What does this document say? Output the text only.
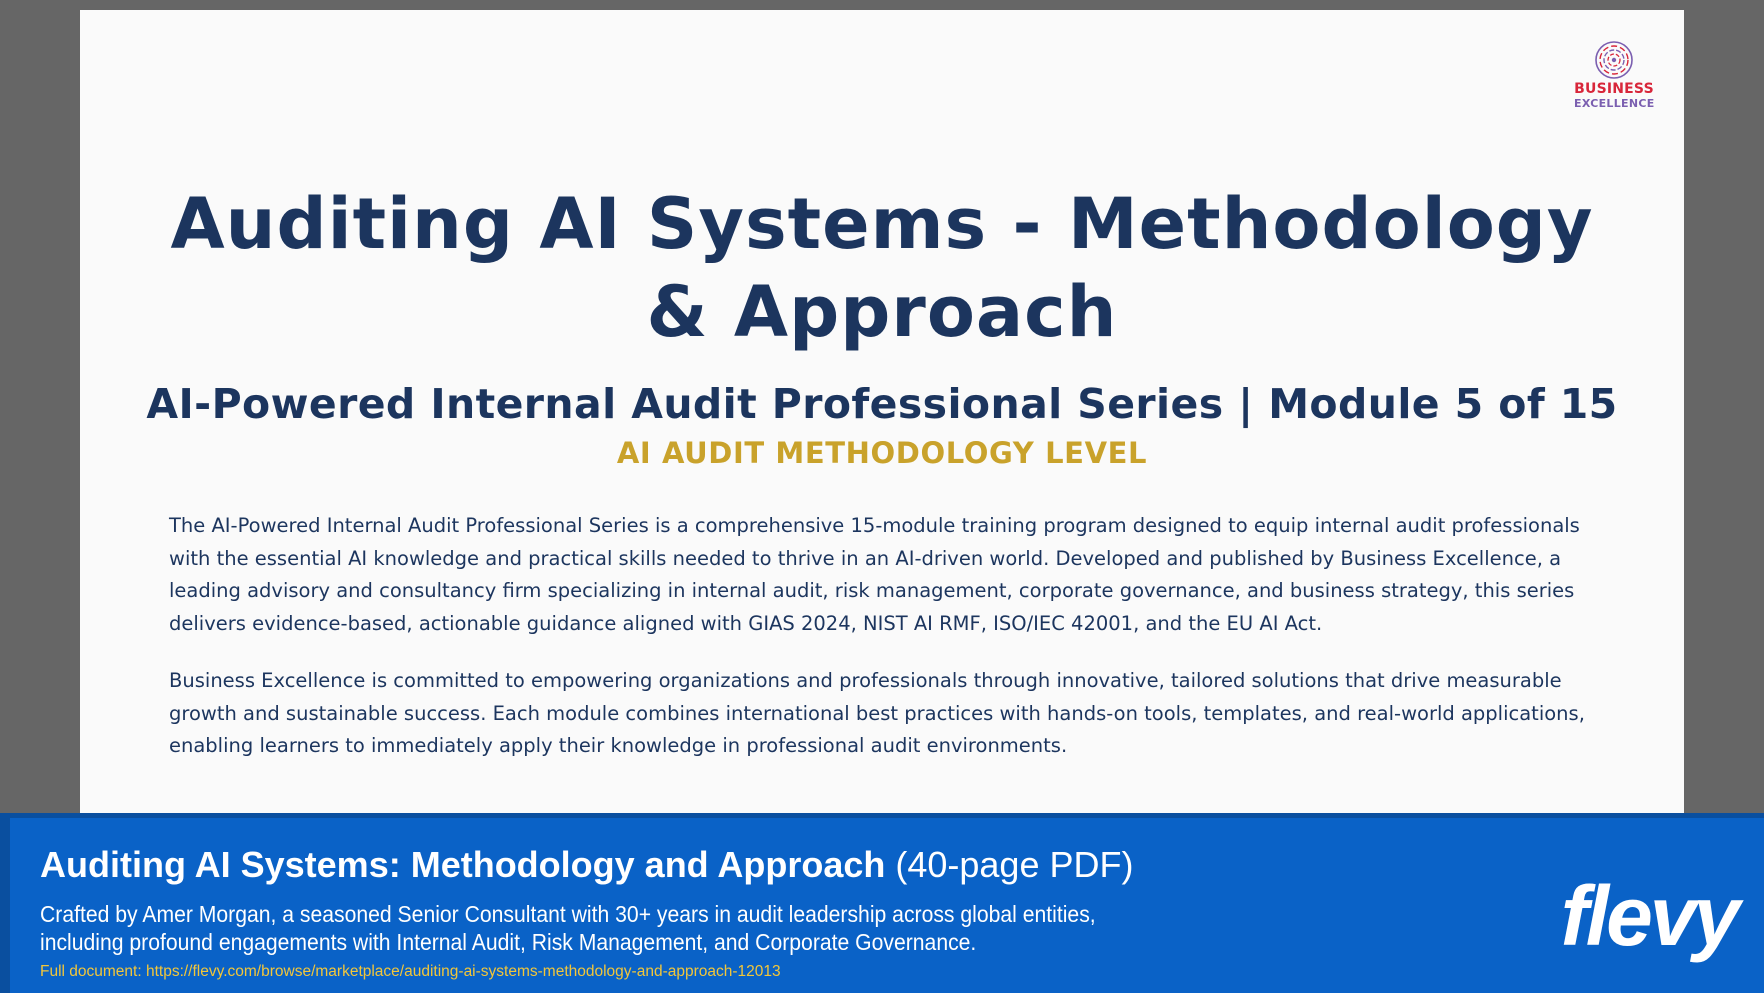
BUSINESS
EXCELLENCE
Auditing AI Systems - Methodology
& Approach
AI-Powered Internal Audit Professional Series | Module 5 of 15
AI AUDIT METHODOLOGY LEVEL

The AI-Powered Internal Audit Professional Series is a comprehensive 15-module training program designed to equip internal audit professionals with the essential AI knowledge and practical skills needed to thrive in an AI-driven world. Developed and published by Business Excellence, a leading advisory and consultancy firm specializing in internal audit, risk management, corporate governance, and business strategy, this series delivers evidence-based, actionable guidance aligned with GIAS 2024, NIST AI RMF, ISO/IEC 42001, and the EU AI Act.

Business Excellence is committed to empowering organizations and professionals through innovative, tailored solutions that drive measurable growth and sustainable success. Each module combines international best practices with hands-on tools, templates, and real-world applications, enabling learners to immediately apply their knowledge in professional audit environments.

Auditing AI Systems: Methodology and Approach (40-page PDF)
Crafted by Amer Morgan, a seasoned Senior Consultant with 30+ years in audit leadership across global entities, including profound engagements with Internal Audit, Risk Management, and Corporate Governance.
Full document: https://flevy.com/browse/marketplace/auditing-ai-systems-methodology-and-approach-12013
flevy
